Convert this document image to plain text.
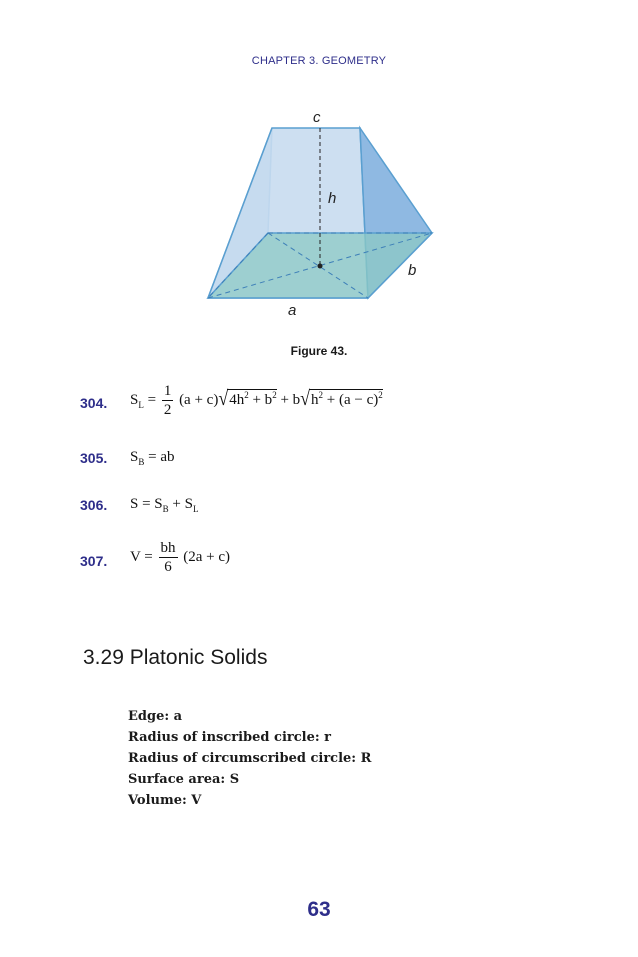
CHAPTER 3. GEOMETRY
c
h
b
a
Figure 43.
304. $S_L = \frac{1}{2} (a + c)√4h^2 + b^2 + b√h^2 + (a - c)^2$
305. $S_B$ = ab
306. $S = S_B + S_L$
307. $V = \frac{bh}{6} (2a + c)$
3.29 Platonic Solids
Edge: a
Radius of inscribed circle: r
Radius of circumscribed circle: R
Surface area: S
Volume: V
63
